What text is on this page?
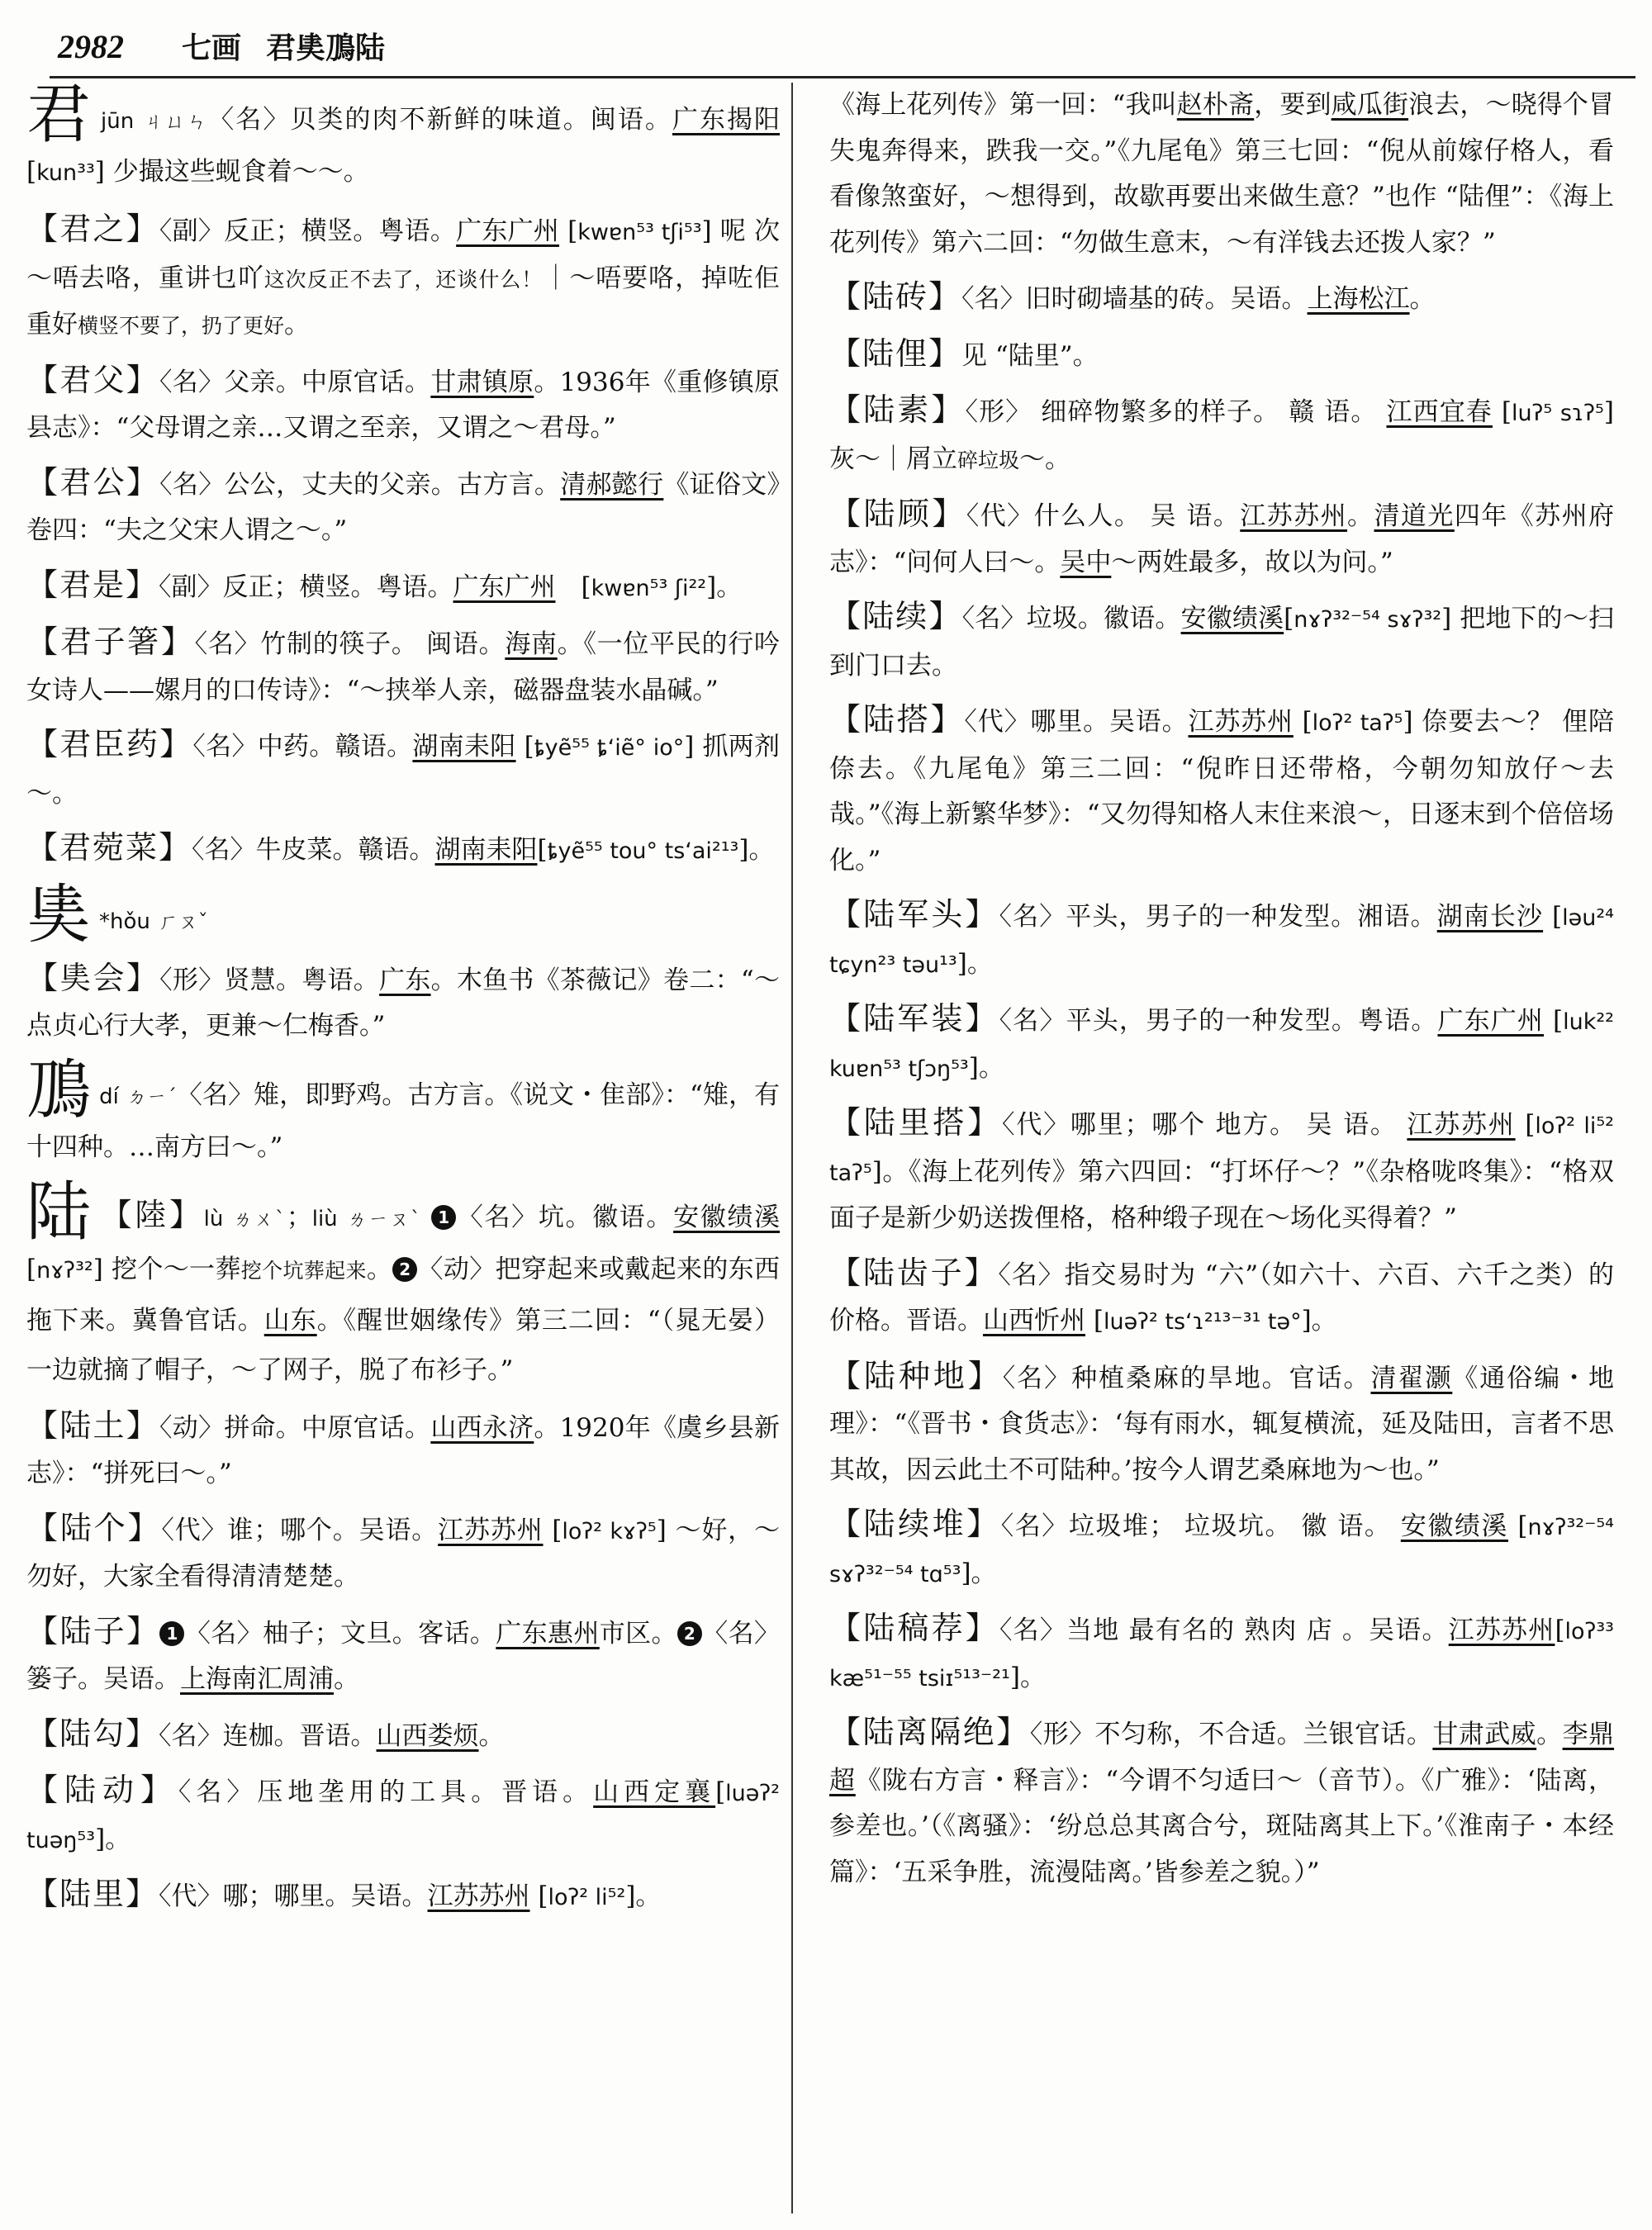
2982 七画 君奊鳭陆
君jūn ㄐㄩㄣ〈名〉贝类的肉不新鲜的味道。闽语。广东揭阳 [kun³³] 少撮这些蚬食着～～。
【君之】〈副〉反正；横竖。粤语。广东广州 [kwɐn⁵³ tʃi⁵³] 呢 次～唔去咯，重讲乜吖这次反正不去了，还谈什么！｜～唔要咯，掉咗佢重好横竖不要了，扔了更好。
【君父】〈名〉父亲。中原官话。甘肃镇原。1936年《重修镇原县志》：“父母谓之亲…又谓之至亲，又谓之～君母。”
【君公】〈名〉公公，丈夫的父亲。古方言。清郝懿行《证俗文》卷四：“夫之父宋人谓之～。”
【君是】〈副〉反正；横竖。粤语。广东广州　[kwɐn⁵³ ʃi²²]。
【君子箸】〈名〉竹制的筷子。 闽语。海南。《一位平民的行吟女诗人——嫘月的口传诗》：“～挟举人亲，磁器盘装水晶碱。”
【君臣药】〈名〉中药。赣语。湖南耒阳 [ȶyẽ⁵⁵ ȶʻiẽ° io°] 抓两剂～。
【君菀菜】〈名〉牛皮菜。赣语。湖南耒阳[ȶyẽ⁵⁵ tou° tsʻai²¹³]。
奊 *hǒu ㄏㄡˇ
【奊会】〈形〉贤慧。粤语。广东。木鱼书《茶薇记》卷二：“～点贞心行大孝，更兼～仁梅香。”
鳭dí ㄉㄧˊ〈名〉雉，即野鸡。古方言。《说文・隹部》：“雉，有十四种。…南方曰～。”
陆 【陸】lù ㄌㄨˋ；liù ㄌㄧㄡˋ 1 〈名〉坑。徽语。安徽绩溪 [nɤʔ³²] 挖个～一葬挖个坑葬起来。 2 〈动〉把穿起来或戴起来的东西拖下来。冀鲁官话。山东。《醒世姻缘传》第三二回：“（晁无晏）一边就摘了帽子，～了网子，脱了布衫子。”
【陆土】〈动〉拼命。中原官话。山西永济。1920年《虞乡县新志》：“拼死曰～。”
【陆个】〈代〉谁；哪个。吴语。江苏苏州 [loʔ² kɤʔ⁵] ～好，～勿好，大家全看得清清楚楚。
【陆子】 1 〈名〉柚子；文旦。客话。广东惠州市区。 2 〈名〉篓子。吴语。上海南汇周浦。
【陆勾】〈名〉连枷。晋语。山西娄烦。
【陆动】〈名〉压地垄用的工具。晋语。山西定襄[luəʔ² tuəŋ⁵³]。
【陆里】〈代〉哪；哪里。吴语。江苏苏州 [loʔ² li⁵²]。
《海上花列传》第一回：“我叫赵朴斋，要到咸瓜街浪去，～晓得个冒失鬼奔得来，跌我一交。”《九尾龟》第三七回：“倪从前嫁仔格人，看看像煞蛮好，～想得到，故歇再要出来做生意？”也作 “陆俚”：《海上花列传》第六二回：“勿做生意末，～有洋钱去还拨人家？”
【陆砖】〈名〉旧时砌墙基的砖。吴语。上海松江。
【陆俚】见 “陆里”。
【陆素】〈形〉 细碎物繁多的样子。 赣 语。 江西宜春 [luʔ⁵ sɿʔ⁵] 灰～｜屑立碎垃圾～。
【陆顾】〈代〉什么人。 吴 语。江苏苏州。清道光四年《苏州府志》：“问何人曰～。吴中～两姓最多，故以为问。”
【陆续】〈名〉垃圾。徽语。安徽绩溪[nɤʔ³²⁻⁵⁴ sɤʔ³²] 把地下的～扫到门口去。
【陆搭】〈代〉哪里。吴语。江苏苏州 [loʔ² taʔ⁵] 倷要去～？ 俚陪倷去。《九尾龟》第三二回：“倪昨日还带格，今朝勿知放仔～去哉。”《海上新繁华梦》：“又勿得知格人末住来浪～，日逐末到个倍倍场化。”
【陆军头】〈名〉平头，男子的一种发型。湘语。湖南长沙 [ləu²⁴ tɕyn²³ təu¹³]。
【陆军装】〈名〉平头，男子的一种发型。粤语。广东广州 [luk²² kuɐn⁵³ tʃɔŋ⁵³]。
【陆里搭】〈代〉哪里；哪个 地方。 吴 语。 江苏苏州 [loʔ² li⁵² taʔ⁵]。《海上花列传》第六四回：“打坏仔～？”《杂格咙咚集》：“格双面子是新少奶送拨俚格，格种缎子现在～场化买得着？”
【陆齿子】〈名〉指交易时为 “六”（如六十、六百、六千之类）的价格。晋语。山西忻州 [luəʔ² tsʻɿ²¹³⁻³¹ tə°]。
【陆种地】〈名〉种植桑麻的旱地。官话。清翟灏《通俗编・地理》：“《晋书・食货志》：‘每有雨水，辄复横流，延及陆田，言者不思其故，因云此土不可陆种。’按今人谓艺桑麻地为～也。”
【陆续堆】〈名〉垃圾堆； 垃圾坑。 徽 语。 安徽绩溪 [nɤʔ³²⁻⁵⁴ sɤʔ³²⁻⁵⁴ tɑ⁵³]。
【陆稿荐】〈名〉当地 最有名的 熟肉 店 。吴语。江苏苏州[loʔ³³ kæ⁵¹⁻⁵⁵ tsiɪ⁵¹³⁻²¹]。
【陆离隔绝】〈形〉不匀称，不合适。兰银官话。甘肃武威。李鼎超《陇右方言・释言》：“今谓不匀适曰～（音节）。《广雅》：‘陆离，参差也。’（《离骚》：‘纷总总其离合兮，斑陆离其上下。’《淮南子・本经篇》：‘五采争胜，流漫陆离。’皆参差之貌。）”
